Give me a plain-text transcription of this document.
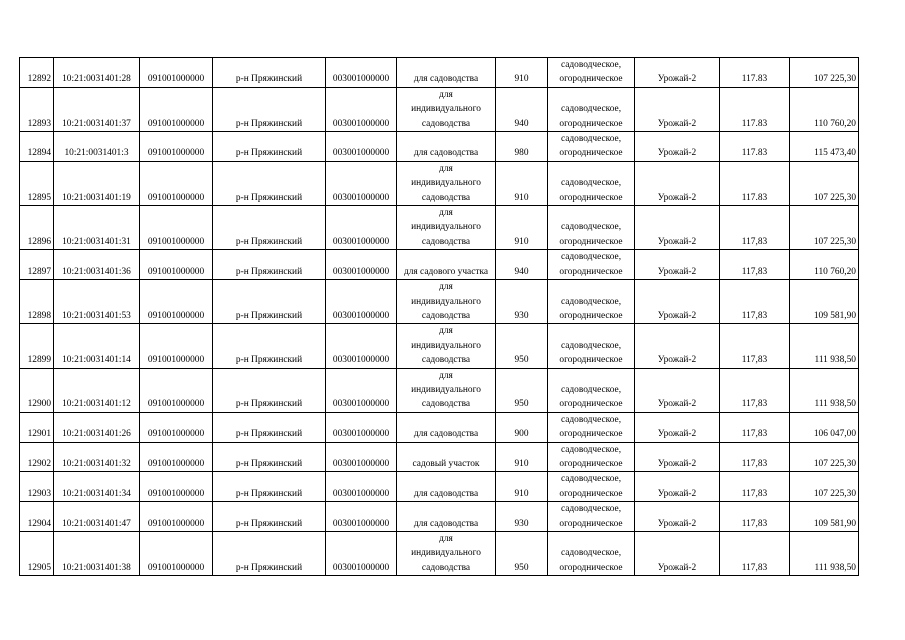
12892	10:21:0031401:28	091001000000	р-н Пряжинский	003001000000	для садоводства	910	садоводческое,
огородническое	Урожай-2	117.83	107 225,30
12893	10:21:0031401:37	091001000000	р-н Пряжинский	003001000000	для
индивидуального
садоводства	940	садоводческое,
огородническое	Урожай-2	117.83	110 760,20
12894	10:21:0031401:3	091001000000	р-н Пряжинский	003001000000	для садоводства	980	садоводческое,
огородническое	Урожай-2	117.83	115 473,40
12895	10:21:0031401:19	091001000000	р-н Пряжинский	003001000000	для
индивидуального
садоводства	910	садоводческое,
огородническое	Урожай-2	117.83	107 225,30
12896	10:21:0031401:31	091001000000	р-н Пряжинский	003001000000	для
индивидуального
садоводства	910	садоводческое,
огородническое	Урожай-2	117,83	107 225,30
12897	10:21:0031401:36	091001000000	р-н Пряжинский	003001000000	для садового участка	940	садоводческое,
огородническое	Урожай-2	117,83	110 760,20
12898	10:21:0031401:53	091001000000	р-н Пряжинский	003001000000	для
индивидуального
садоводства	930	садоводческое,
огородническое	Урожай-2	117,83	109 581,90
12899	10:21:0031401:14	091001000000	р-н Пряжинский	003001000000	для
индивидуального
садоводства	950	садоводческое,
огородническое	Урожай-2	117,83	111 938,50
12900	10:21:0031401:12	091001000000	р-н Пряжинский	003001000000	для
индивидуального
садоводства	950	садоводческое,
огородническое	Урожай-2	117,83	111 938,50
12901	10:21:0031401:26	091001000000	р-н Пряжинский	003001000000	для садоводства	900	садоводческое,
огородническое	Урожай-2	117,83	106 047,00
12902	10:21:0031401:32	091001000000	р-н Пряжинский	003001000000	садовый участок	910	садоводческое,
огородническое	Урожай-2	117,83	107 225,30
12903	10:21:0031401:34	091001000000	р-н Пряжинский	003001000000	для садоводства	910	садоводческое,
огородническое	Урожай-2	117,83	107 225,30
12904	10:21:0031401:47	091001000000	р-н Пряжинский	003001000000	для садоводства	930	садоводческое,
огородническое	Урожай-2	117,83	109 581,90
12905	10:21:0031401:38	091001000000	р-н Пряжинский	003001000000	для
индивидуального
садоводства	950	садоводческое,
огородническое	Урожай-2	117,83	111 938,50
